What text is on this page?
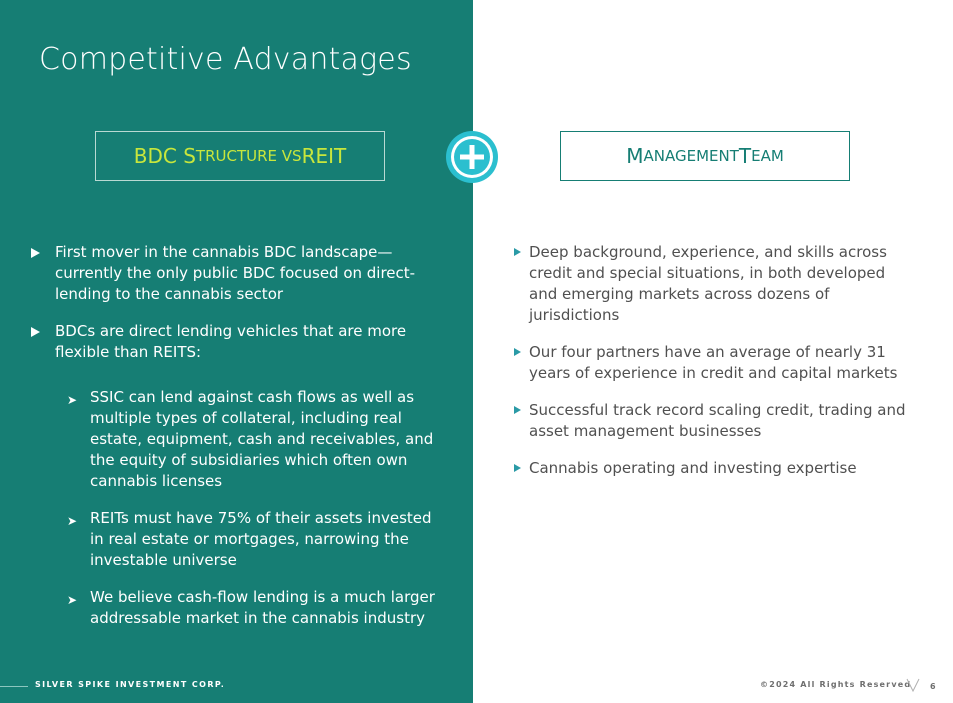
Competitive Advantages
BDC S TRUCTURE VS REIT	M ANAGEMENT T EAM
First mover in the cannabis BDC landscape— currently the only public BDC focused on direct-lending to the cannabis sector
BDCs are direct lending vehicles that are more flexible than REITS:
➤ SSIC can lend against cash flows as well as multiple types of collateral, including real estate, equipment, cash and receivables, and the equity of subsidiaries which often own cannabis licenses
➤ REITs must have 75% of their assets invested in real estate or mortgages, narrowing the investable universe
➤ We believe cash-flow lending is a much larger addressable market in the cannabis industry
Deep background, experience, and skills across credit and special situations, in both developed and emerging markets across dozens of jurisdictions
Our four partners have an average of nearly 31 years of experience in credit and capital markets
Successful track record scaling credit, trading and asset management businesses
Cannabis operating and investing expertise
SILVER SPIKE INVESTMENT CORP.	©2024 All Rights Reserved 6
